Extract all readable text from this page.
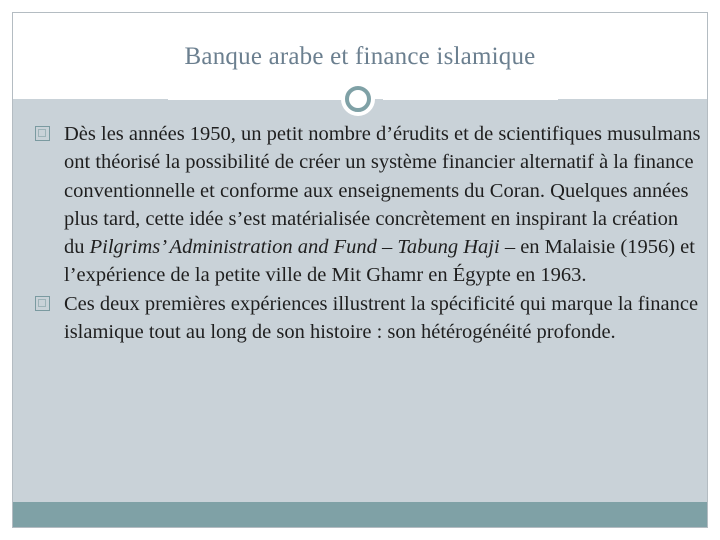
Banque arabe et finance islamique
Dès les années 1950, un petit nombre d’érudits et de scientifiques musulmans ont théorisé la possibilité de créer un système financier alternatif à la finance conventionnelle et conforme aux enseignements du Coran. Quelques années plus tard, cette idée s’est matérialisée concrètement en inspirant la création du Pilgrims’ Administration and Fund – Tabung Haji – en Malaisie (1956) et l’expérience de la petite ville de Mit Ghamr en Égypte en 1963.
Ces deux premières expériences illustrent la spécificité qui marque la finance islamique tout au long de son histoire : son hétérogénéité profonde.
